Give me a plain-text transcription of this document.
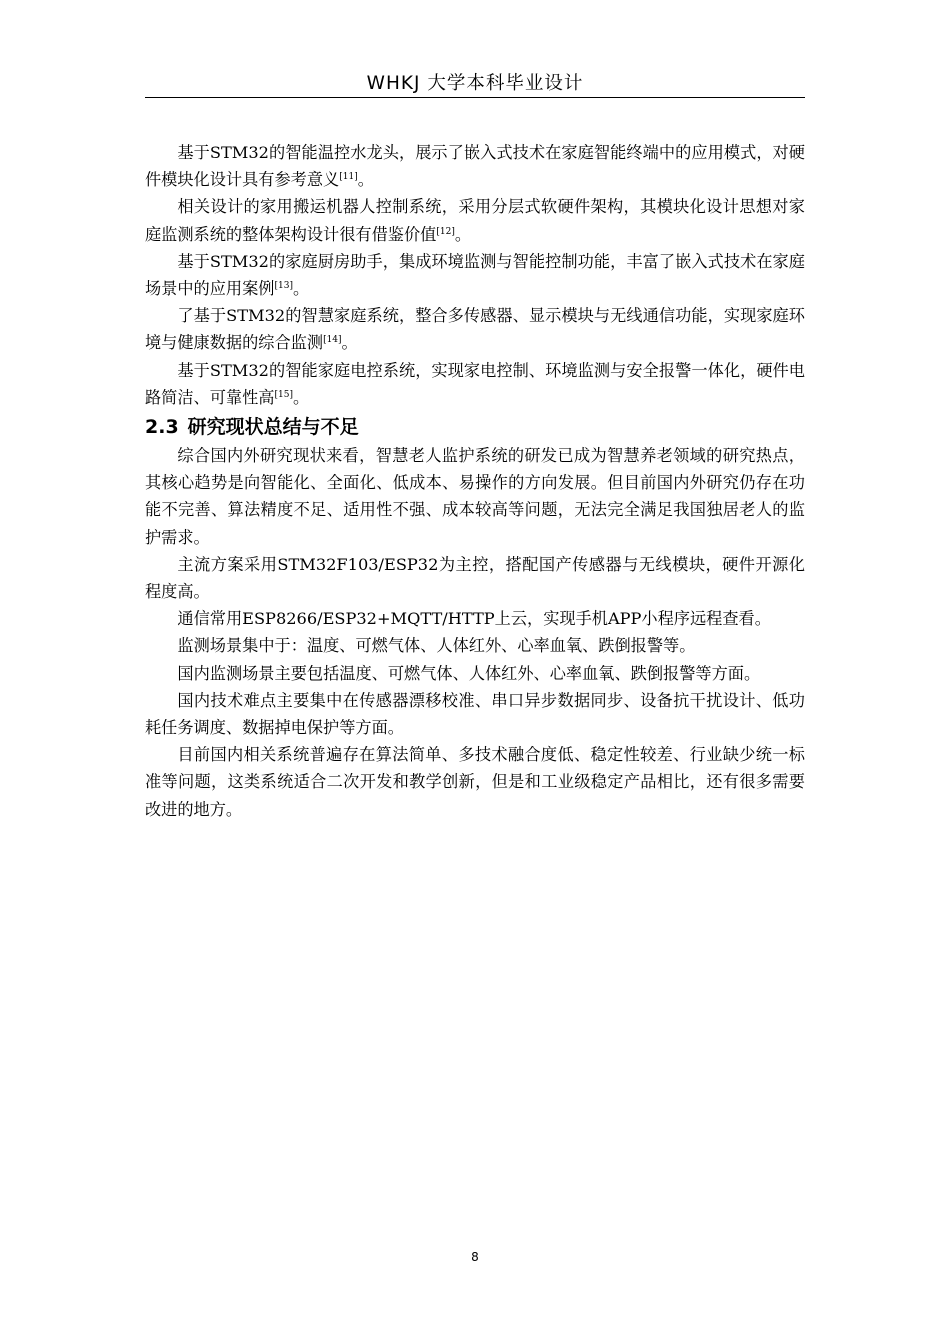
WHKJ 大学本科毕业设计

基于STM32的智能温控水龙头，展示了嵌入式技术在家庭智能终端中的应用模式，对硬件模块化设计具有参考意义[11]。

相关设计的家用搬运机器人控制系统，采用分层式软硬件架构，其模块化设计思想对家庭监测系统的整体架构设计很有借鉴价值[12]。

基于STM32的家庭厨房助手，集成环境监测与智能控制功能，丰富了嵌入式技术在家庭场景中的应用案例[13]。

了基于STM32的智慧家庭系统，整合多传感器、显示模块与无线通信功能，实现家庭环境与健康数据的综合监测[14]。

基于STM32的智能家庭电控系统，实现家电控制、环境监测与安全报警一体化，硬件电路简洁、可靠性高[15]。

2.3 研究现状总结与不足

综合国内外研究现状来看，智慧老人监护系统的研发已成为智慧养老领域的研究热点，其核心趋势是向智能化、全面化、低成本、易操作的方向发展。但目前国内外研究仍存在功能不完善、算法精度不足、适用性不强、成本较高等问题，无法完全满足我国独居老人的监护需求。

主流方案采用STM32F103/ESP32为主控，搭配国产传感器与无线模块，硬件开源化程度高。

通信常用ESP8266/ESP32+MQTT/HTTP上云，实现手机APP小程序远程查看。

监测场景集中于：温度、可燃气体、人体红外、心率血氧、跌倒报警等。

国内监测场景主要包括温度、可燃气体、人体红外、心率血氧、跌倒报警等方面。

国内技术难点主要集中在传感器漂移校准、串口异步数据同步、设备抗干扰设计、低功耗任务调度、数据掉电保护等方面。

目前国内相关系统普遍存在算法简单、多技术融合度低、稳定性较差、行业缺少统一标准等问题，这类系统适合二次开发和教学创新，但是和工业级稳定产品相比，还有很多需要改进的地方。

8
